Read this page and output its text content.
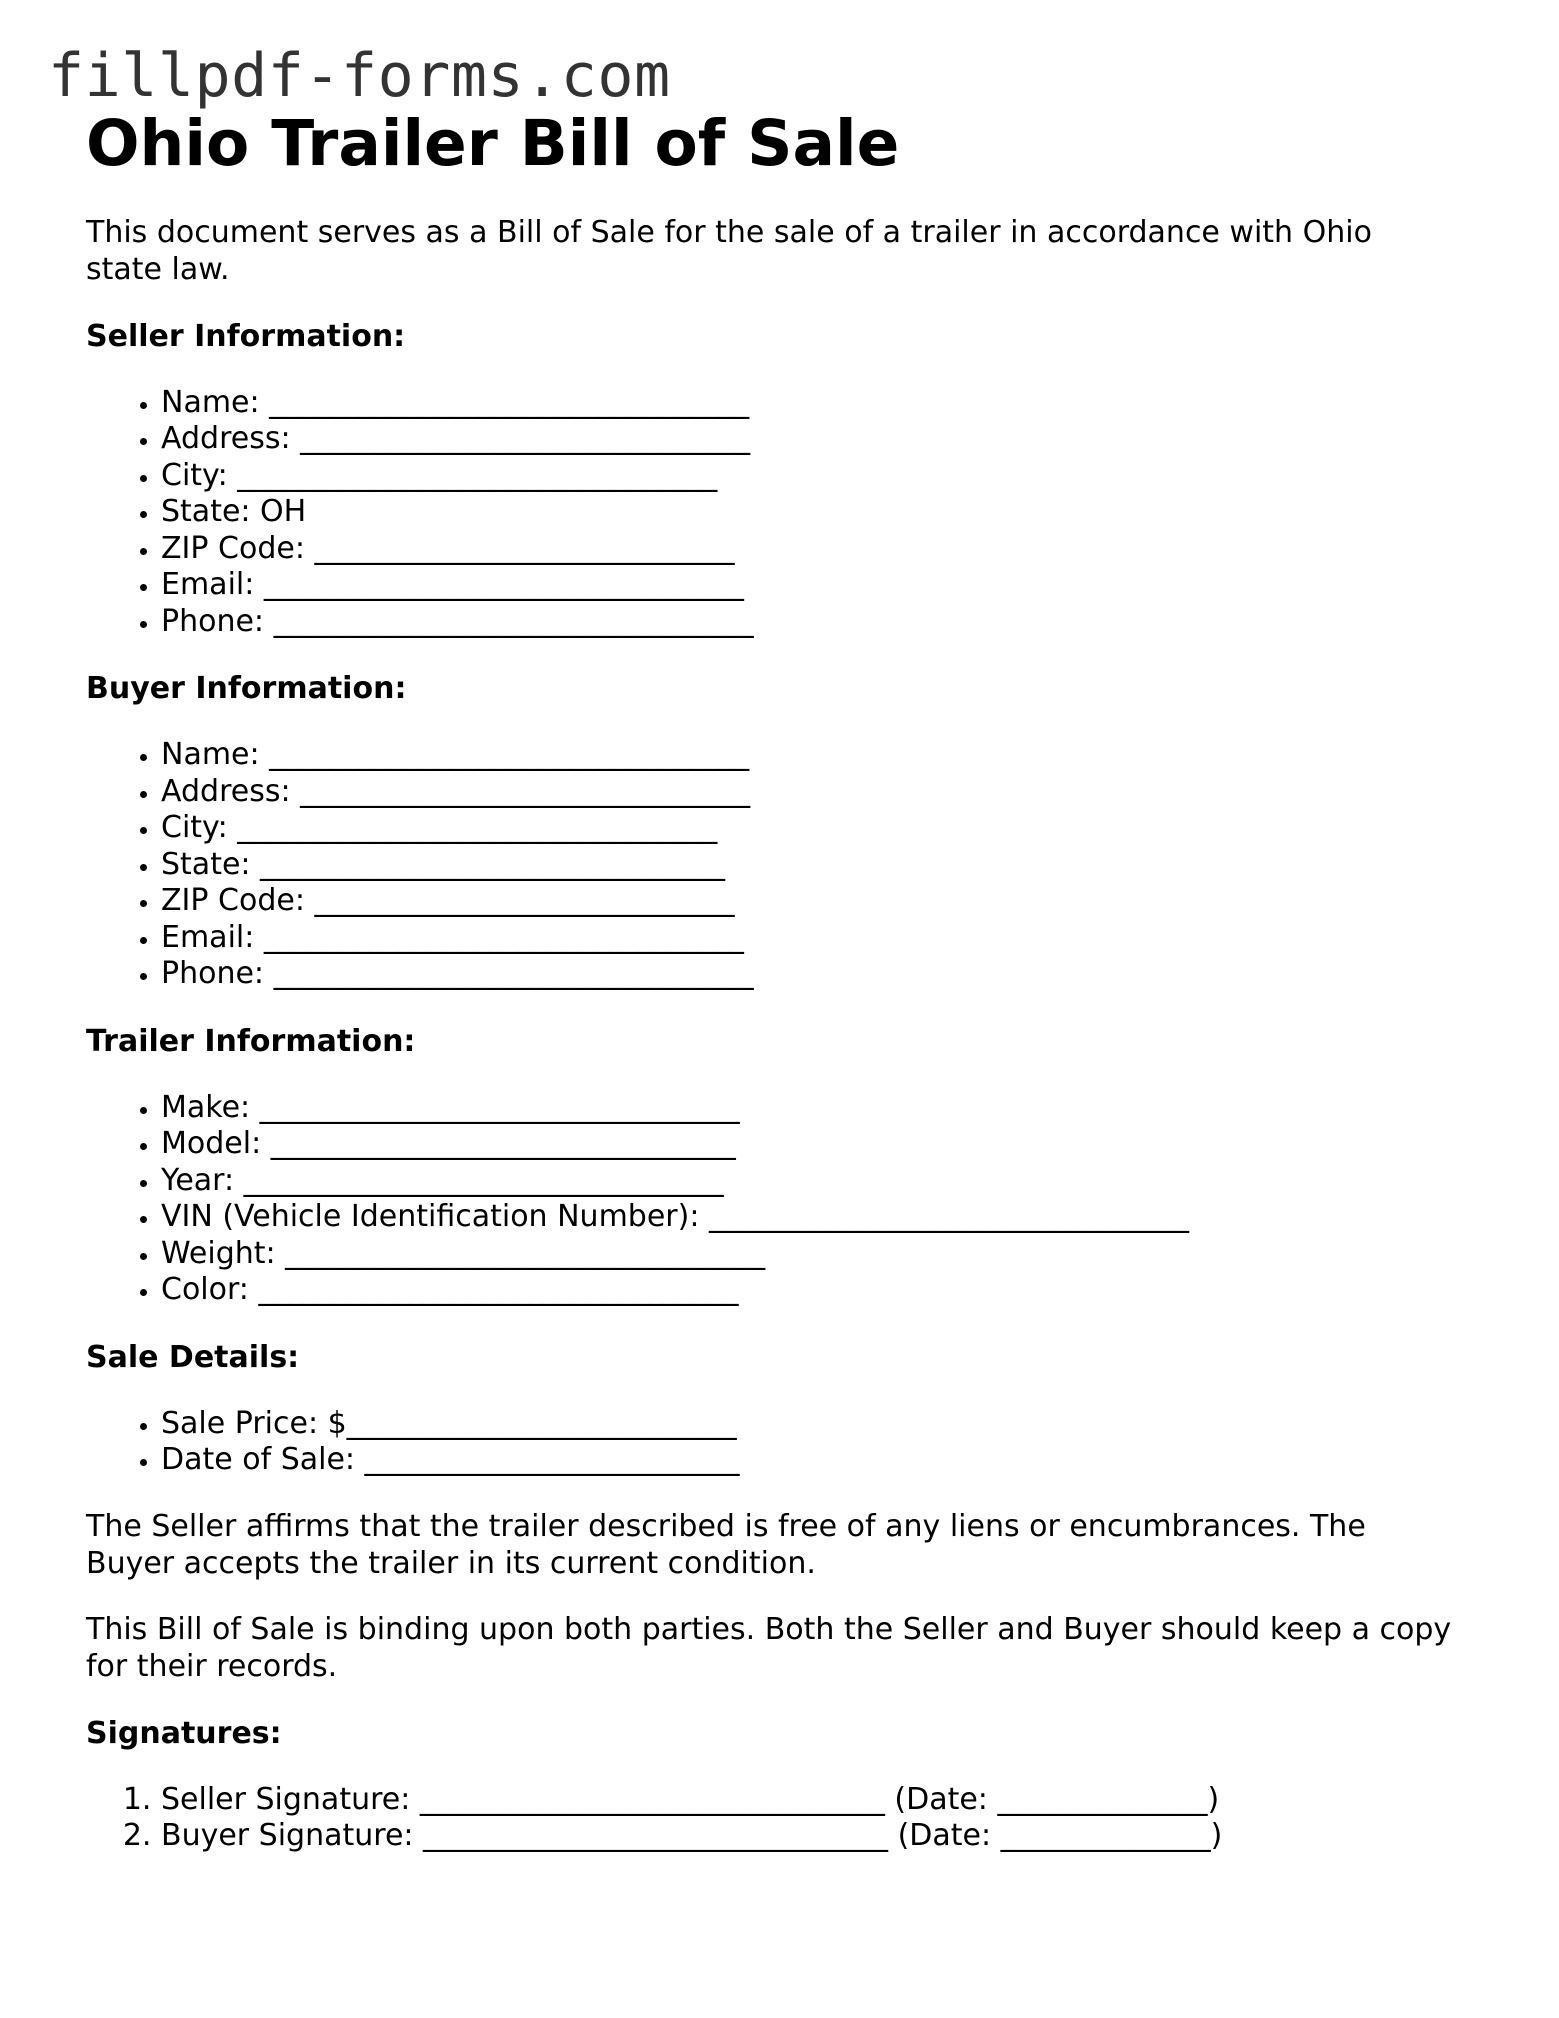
fillpdf-forms.com
Ohio Trailer Bill of Sale

This document serves as a Bill of Sale for the sale of a trailer in accordance with Ohio
state law.

Seller Information:
• Name: ________________________________
• Address: ______________________________
• City: ________________________________
• State: OH
• ZIP Code: ____________________________
• Email: ________________________________
• Phone: ________________________________
Buyer Information:
• Name: ________________________________
• Address: ______________________________
• City: ________________________________
• State: _______________________________
• ZIP Code: ____________________________
• Email: ________________________________
• Phone: ________________________________
Trailer Information:
• Make: ________________________________
• Model: _______________________________
• Year: ________________________________
• VIN (Vehicle Identification Number): ________________________________
• Weight: ________________________________
• Color: ________________________________
Sale Details:
• Sale Price: $__________________________
• Date of Sale: _________________________

The Seller affirms that the trailer described is free of any liens or encumbrances. The
Buyer accepts the trailer in its current condition.

This Bill of Sale is binding upon both parties. Both the Seller and Buyer should keep a copy
for their records.

Signatures:
1. Seller Signature: _______________________________ (Date: ______________)
2. Buyer Signature: _______________________________ (Date: ______________)
